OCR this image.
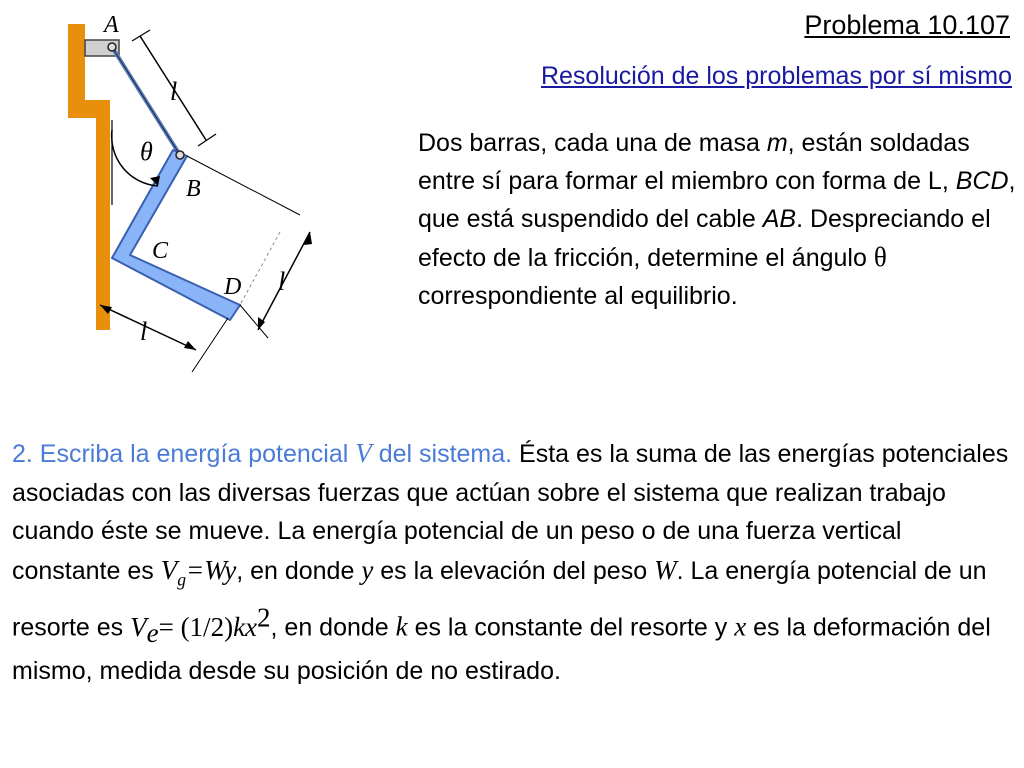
A
l
θ
B
C
D l
l
Problema 10.107
Resolución de los problemas por sí mismo
Dos barras, cada una de masa m, están soldadas entre sí para formar el miembro con forma de L, BCD, que está suspendido del cable AB. Despreciando el efecto de la fricción, determine el ángulo θ correspondiente al equilibrio.
2. Escriba la energía potencial V del sistema. Ésta es la suma de las energías potenciales asociadas con las diversas fuerzas que actúan sobre el sistema que realizan trabajo cuando éste se mueve. La energía potencial de un peso o de una fuerza vertical constante es $V_g=Wy$, en donde y es la elevación del peso W. La energía potencial de un resorte es $V_e= (1/2)kx^2$, en donde k es la constante del resorte y x es la deformación del mismo, medida desde su posición de no estirado.
